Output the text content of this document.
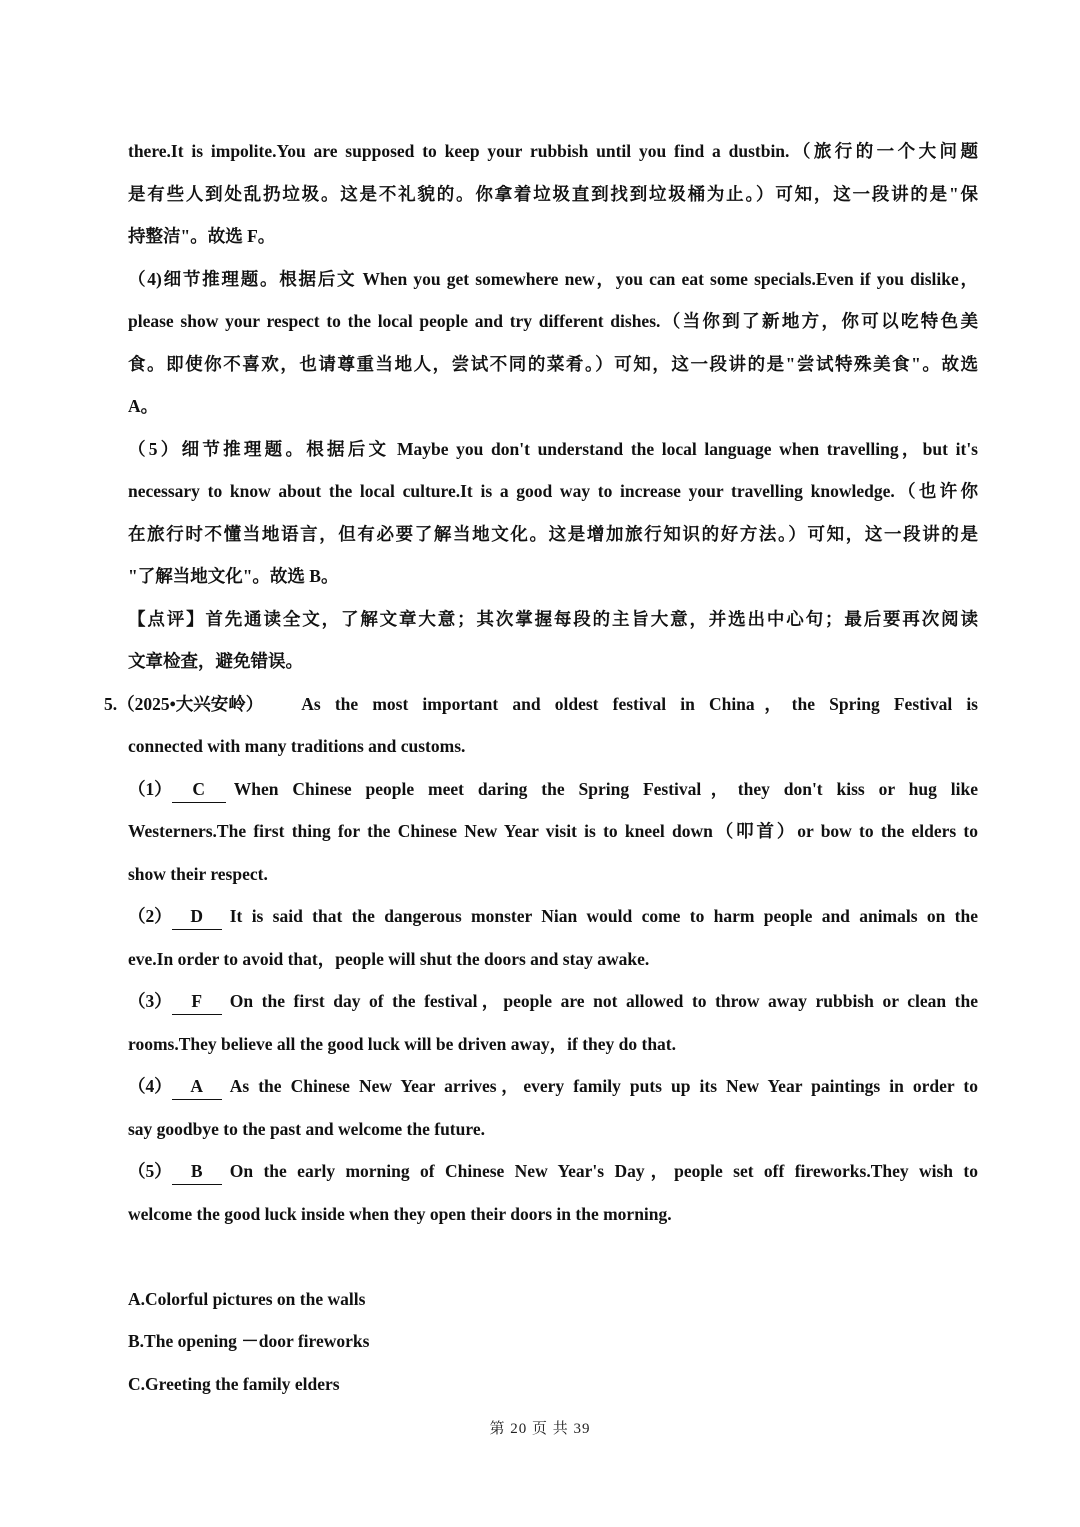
there.It is impolite.You are supposed to keep your rubbish until you find a dustbin.（旅行的一个大问题
是有些人到处乱扔垃圾。这是不礼貌的。你拿着垃圾直到找到垃圾桶为止。）可知，这一段讲的是"保
持整洁"。故选 F。
（4)细节推理题。根据后文 When you get somewhere new，you can eat some specials.Even if you dislike，
please show your respect to the local people and try different dishes.（当你到了新地方，你可以吃特色美
食。即使你不喜欢，也请尊重当地人，尝试不同的菜肴。）可知，这一段讲的是"尝试特殊美食"。故选
A。
（5）细节推理题。根据后文 Maybe you don't understand the local language when travelling，but it's
necessary to know about the local culture.It is a good way to increase your travelling knowledge.（也许你
在旅行时不懂当地语言，但有必要了解当地文化。这是增加旅行知识的好方法。）可知，这一段讲的是
"了解当地文化"。故选 B。
【点评】首先通读全文，了解文章大意；其次掌握每段的主旨大意，并选出中心句；最后要再次阅读
文章检查，避免错误。
5. （2025•大兴安岭） As the most important and oldest festival in China，the Spring Festival is
connected with many traditions and customs.
（1）	C	When Chinese people meet daring the Spring Festival，they don't kiss or hug like
Westerners.The first thing for the Chinese New Year visit is to kneel down（叩首）or bow to the elders to
show their respect.
（2）	D	It is said that the dangerous monster Nian would come to harm people and animals on the
eve.In order to avoid that，people will shut the doors and stay awake.
（3）	F	On the first day of the festival，people are not allowed to throw away rubbish or clean the
rooms.They believe all the good luck will be driven away，if they do that.
（4）	A	As the Chinese New Year arrives，every family puts up its New Year paintings in order to
say goodbye to the past and welcome the future.
（5）	B	On the early morning of Chinese New Year's Day，people set off fireworks.They wish to
welcome the good luck inside when they open their doors in the morning.
A.Colorful pictures on the walls
B.The opening －door fireworks
C.Greeting the family elders
第 20 页 共 39
